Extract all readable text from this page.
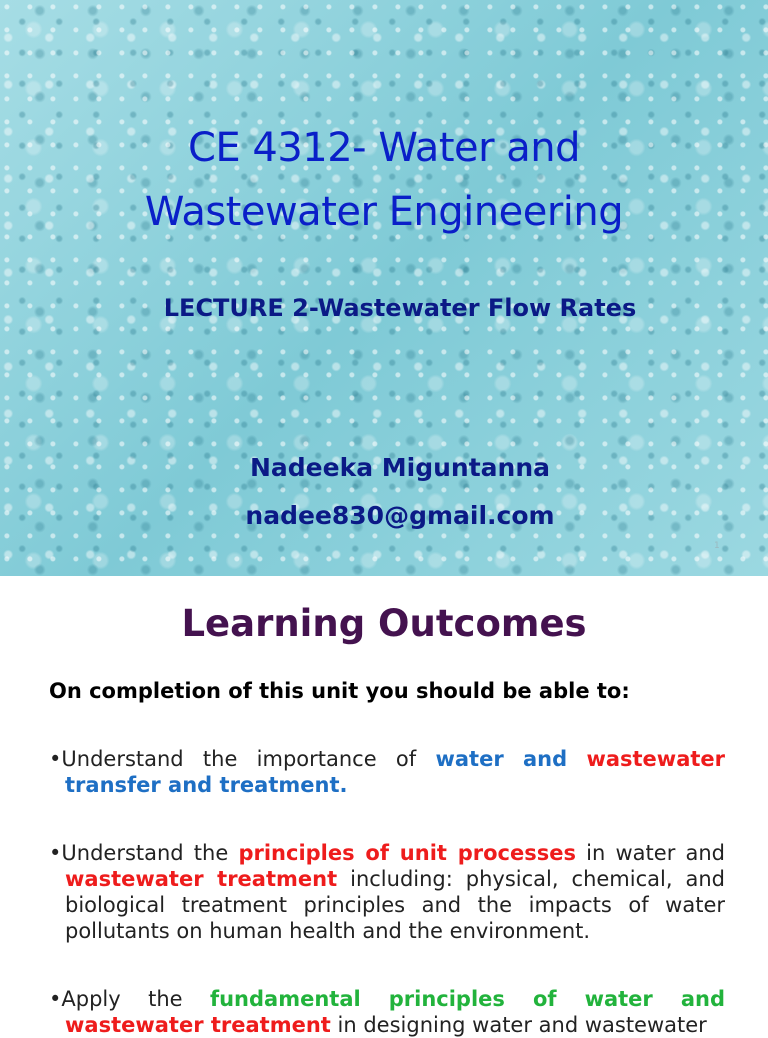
CE 4312- Water and
Wastewater Engineering
LECTURE 2-Wastewater Flow Rates
Nadeeka Miguntanna
nadee830@gmail.com
1
Learning Outcomes
On completion of this unit you should be able to:
•Understand the importance of water and wastewater
transfer and treatment.
•Understand the principles of unit processes in water and
wastewater treatment including: physical, chemical, and biological treatment principles and the impacts of water pollutants on human health and the environment.
•Apply the fundamental principles of water and
wastewater treatment in designing water and wastewater
